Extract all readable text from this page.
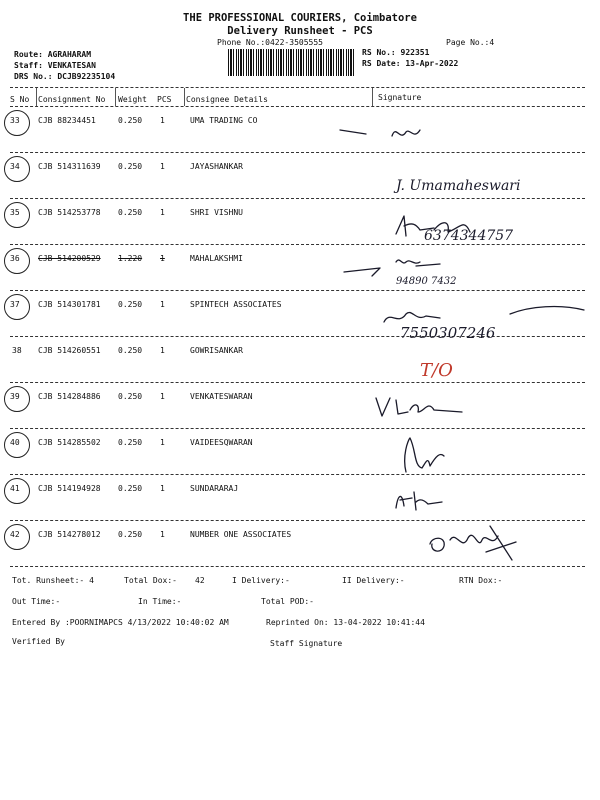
THE PROFESSIONAL COURIERS, Coimbatore
Delivery Runsheet - PCS
Phone No.:0422-3505555	Page No.:4
Route: AGRAHARAM
Staff: VENKATESAN
DRS No.: DCJB92235104
RS No.: 922351
RS Date: 13-Apr-2022
S No Consignment No Weight PCS Consignee Details	Signature
33 CJB 88234451	0.250 1	UMA TRADING CO
34 CJB 514311639 0.250 1	JAYASHANKAR
35 CJB 514253778 0.250 1	SHRI VISHNU
36 CJB 514200529 1.220 1	MAHALAKSHMI
37 CJB 514301781 0.250 1	SPINTECH ASSOCIATES
38 CJB 514260551 0.250 1	GOWRISANKAR
39 CJB 514284886 0.250 1	VENKATESWARAN
40 CJB 514285502 0.250 1	VAIDEESQWARAN
41 CJB 514194928 0.250 1	SUNDARARAJ
42 CJB 514278012 0.250 1	NUMBER ONE ASSOCIATES
J. Umamaheswari
6374344757
94890 7432
7550307246
T/O
Tot. Runsheet:- 4	Total Dox:- 42	I Delivery:-	II Delivery:-	RTN Dox:-
Out Time:-	In Time:-	Total POD:-
Entered By :POORNIMAPCS 4/13/2022 10:40:02 AM	Reprinted On: 13-04-2022 10:41:44
Verified By	Staff Signature
